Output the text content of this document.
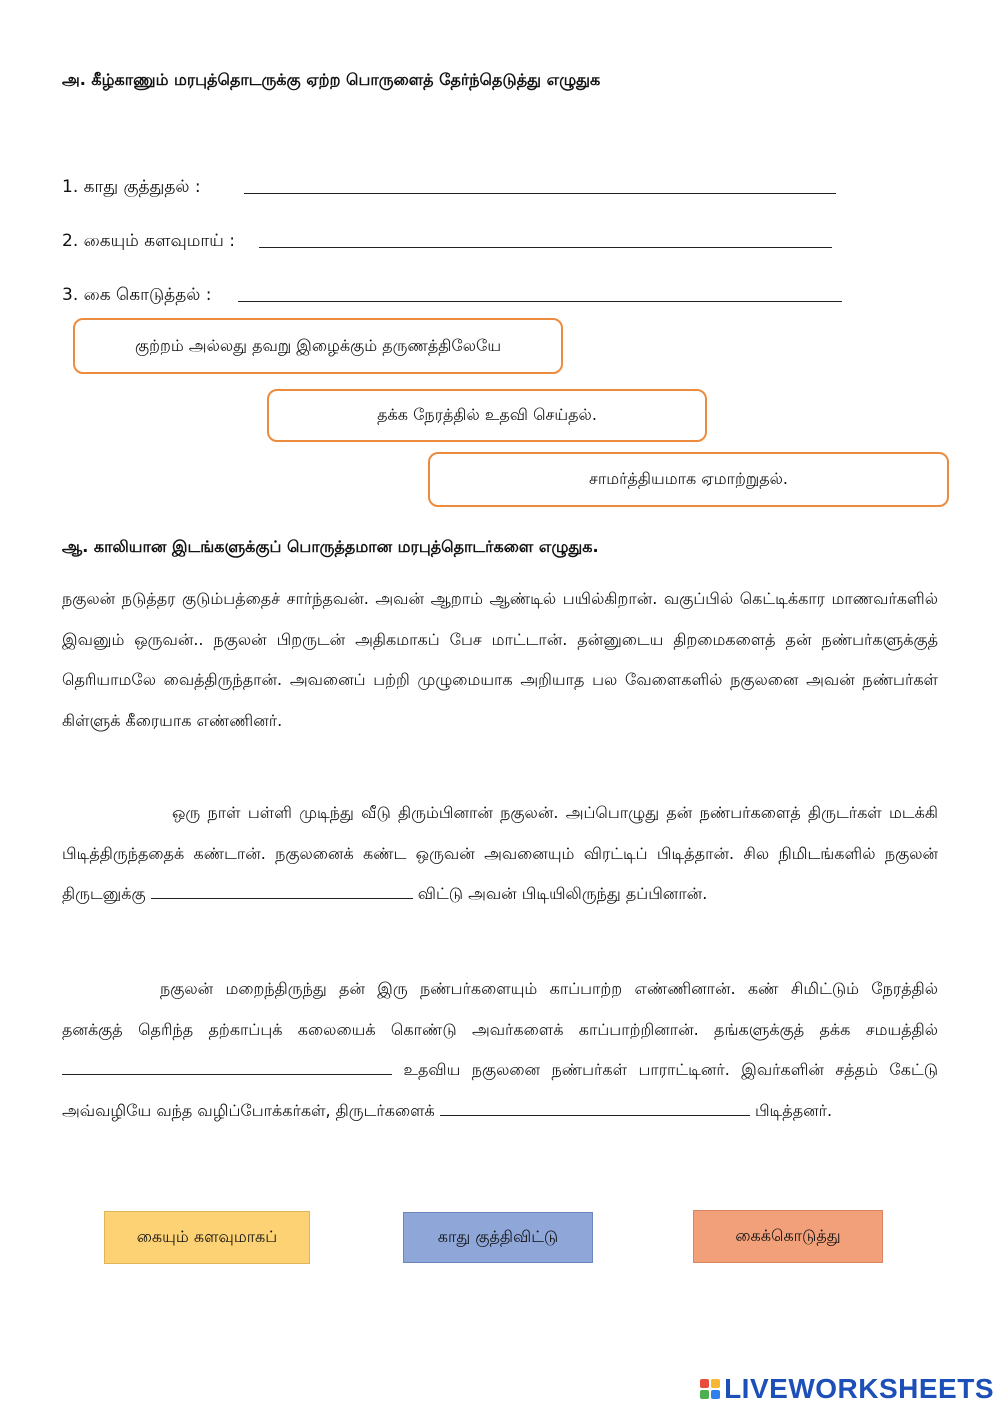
அ. கீழ்காணும் மரபுத்தொடருக்கு ஏற்ற பொருளைத் தேர்ந்தெடுத்து எழுதுக
1. காது குத்துதல் :
2. கையும் களவுமாய் :
3. கை கொடுத்தல் :
குற்றம் அல்லது தவறு இழைக்கும் தருணத்திலேயே
தக்க நேரத்தில் உதவி செய்தல்.
சாமர்த்தியமாக ஏமாற்றுதல்.
ஆ. காலியான இடங்களுக்குப் பொருத்தமான மரபுத்தொடர்களை எழுதுக.
நகுலன் நடுத்தர குடும்பத்தைச் சார்ந்தவன். அவன் ஆறாம் ஆண்டில் பயில்கிறான். வகுப்பில் கெட்டிக்கார மாணவர்களில் இவனும் ஒருவன்.. நகுலன் பிறருடன் அதிகமாகப் பேச மாட்டான். தன்னுடைய திறமைகளைத் தன் நண்பர்களுக்குத் தெரியாமலே வைத்திருந்தான். அவனைப் பற்றி முழுமையாக அறியாத பல வேளைகளில் நகுலனை அவன் நண்பர்கள் கிள்ளுக் கீரையாக எண்ணினர்.
ஒரு நாள் பள்ளி முடிந்து வீடு திரும்பினான் நகுலன். அப்பொழுது தன் நண்பர்களைத் திருடர்கள் மடக்கி பிடித்திருந்ததைக் கண்டான். நகுலனைக் கண்ட ஒருவன் அவனையும் விரட்டிப் பிடித்தான். சில நிமிடங்களில் நகுலன் திருடனுக்கு	விட்டு அவன் பிடியிலிருந்து தப்பினான்.
நகுலன் மறைந்திருந்து தன் இரு நண்பர்களையும் காப்பாற்ற எண்ணினான். கண் சிமிட்டும் நேரத்தில் தனக்குத் தெரிந்த தற்காப்புக் கலையைக் கொண்டு அவர்களைக் காப்பாற்றினான். தங்களுக்குத் தக்க சமயத்தில்  உதவிய நகுலனை நண்பர்கள் பாராட்டினர். இவர்களின் சத்தம் கேட்டு அவ்வழியே வந்த வழிப்போக்கர்கள், திருடர்களைக்	பிடித்தனர்.
கையும் களவுமாகப்	காது குத்திவிட்டு	கைக்கொடுத்து
LIVEWORKSHEETS
